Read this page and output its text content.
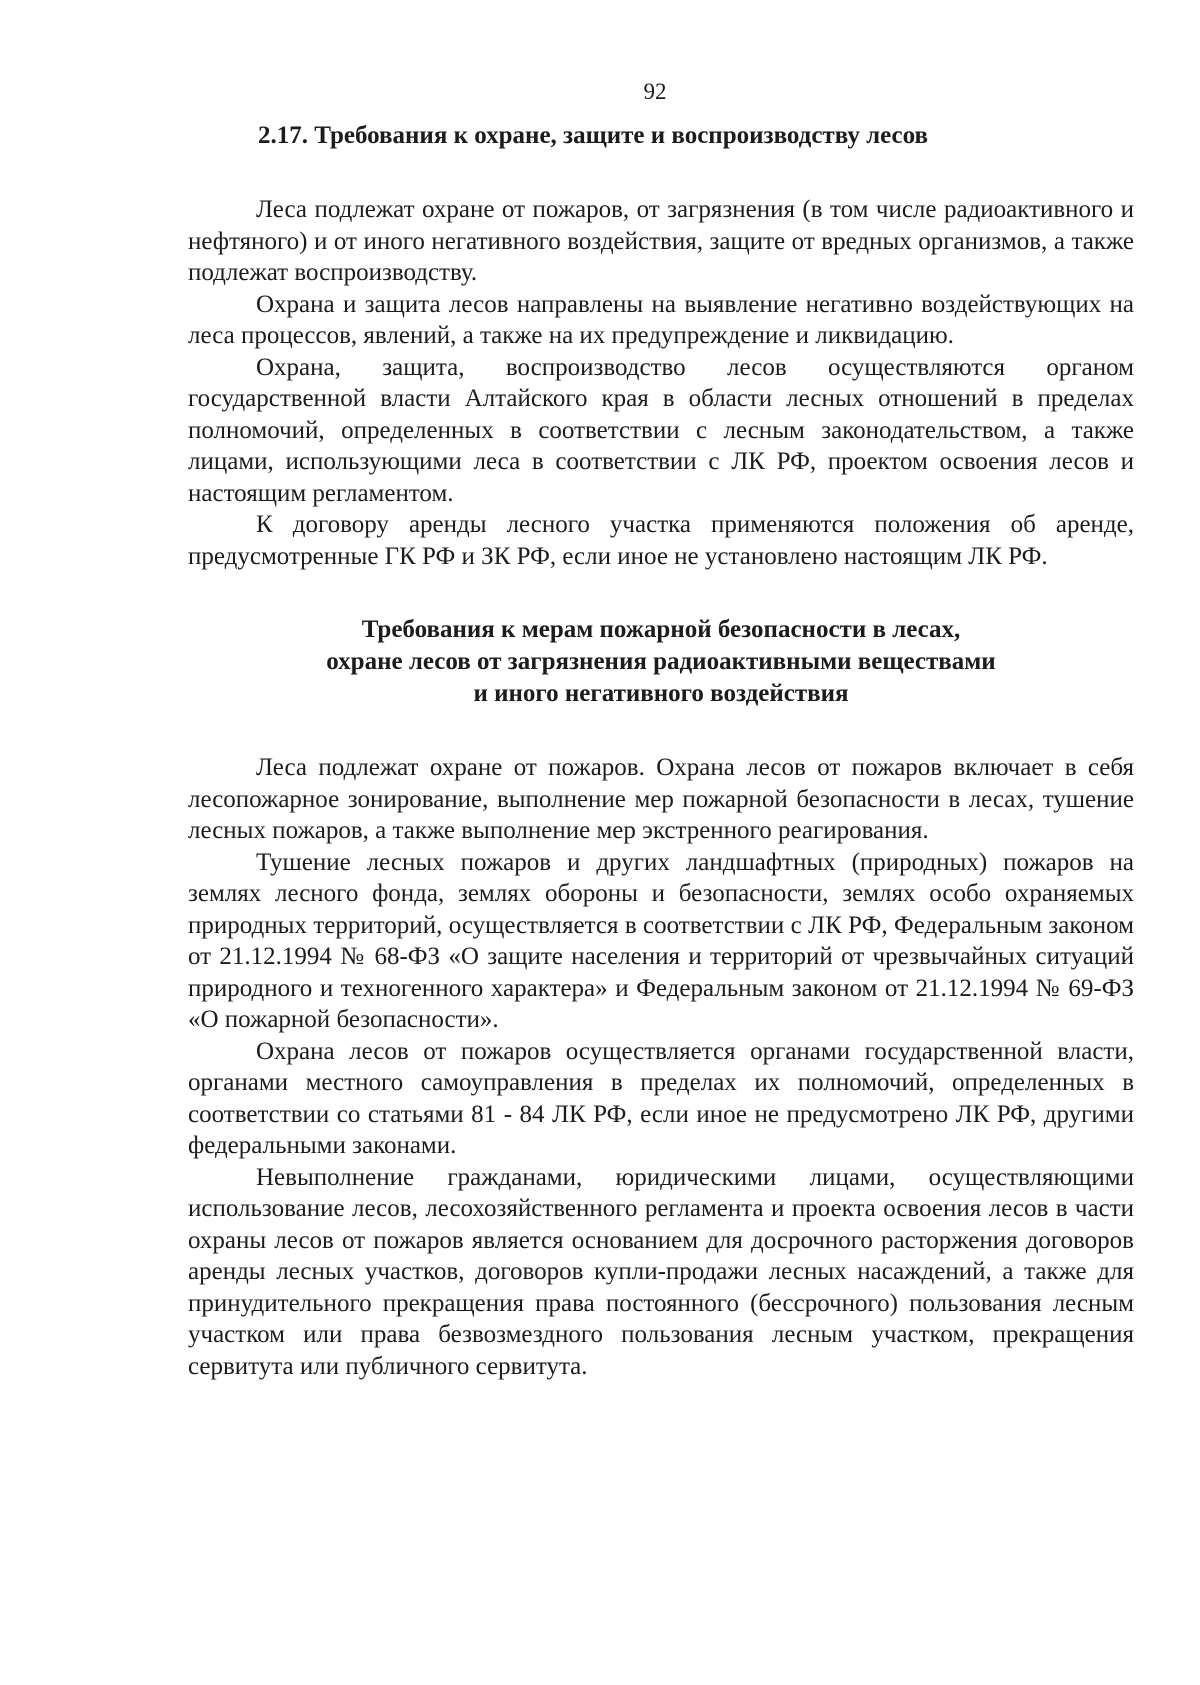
92
2.17. Требования к охране, защите и воспроизводству лесов

Леса подлежат охране от пожаров, от загрязнения (в том числе радиоактивного и нефтяного) и от иного негативного воздействия, защите от вредных организмов, а также подлежат воспроизводству.

Охрана и защита лесов направлены на выявление негативно воздействующих на леса процессов, явлений, а также на их предупреждение и ликвидацию.

Охрана, защита, воспроизводство лесов осуществляются органом государственной власти Алтайского края в области лесных отношений в пределах полномочий, определенных в соответствии с лесным законодательством, а также лицами, использующими леса в соответствии с ЛК РФ, проектом освоения лесов и настоящим регламентом.

К договору аренды лесного участка применяются положения об аренде, предусмотренные ГК РФ и ЗК РФ, если иное не установлено настоящим ЛК РФ.

Требования к мерам пожарной безопасности в лесах,
охране лесов от загрязнения радиоактивными веществами
и иного негативного воздействия

Леса подлежат охране от пожаров. Охрана лесов от пожаров включает в себя лесопожарное зонирование, выполнение мер пожарной безопасности в лесах, тушение лесных пожаров, а также выполнение мер экстренного реагирования.

Тушение лесных пожаров и других ландшафтных (природных) пожаров на землях лесного фонда, землях обороны и безопасности, землях особо охраняемых природных территорий, осуществляется в соответствии с ЛК РФ, Федеральным законом от 21.12.1994 № 68-ФЗ «О защите населения и территорий от чрезвычайных ситуаций природного и техногенного характера» и Федеральным законом от 21.12.1994 № 69-ФЗ «О пожарной безопасности».

Охрана лесов от пожаров осуществляется органами государственной власти, органами местного самоуправления в пределах их полномочий, определенных в соответствии со статьями 81 - 84 ЛК РФ, если иное не предусмотрено ЛК РФ, другими федеральными законами.

Невыполнение гражданами, юридическими лицами, осуществляющими использование лесов, лесохозяйственного регламента и проекта освоения лесов в части охраны лесов от пожаров является основанием для досрочного расторжения договоров аренды лесных участков, договоров купли-продажи лесных насаждений, а также для принудительного прекращения права постоянного (бессрочного) пользования лесным участком или права безвозмездного пользования лесным участком, прекращения сервитута или публичного сервитута.
